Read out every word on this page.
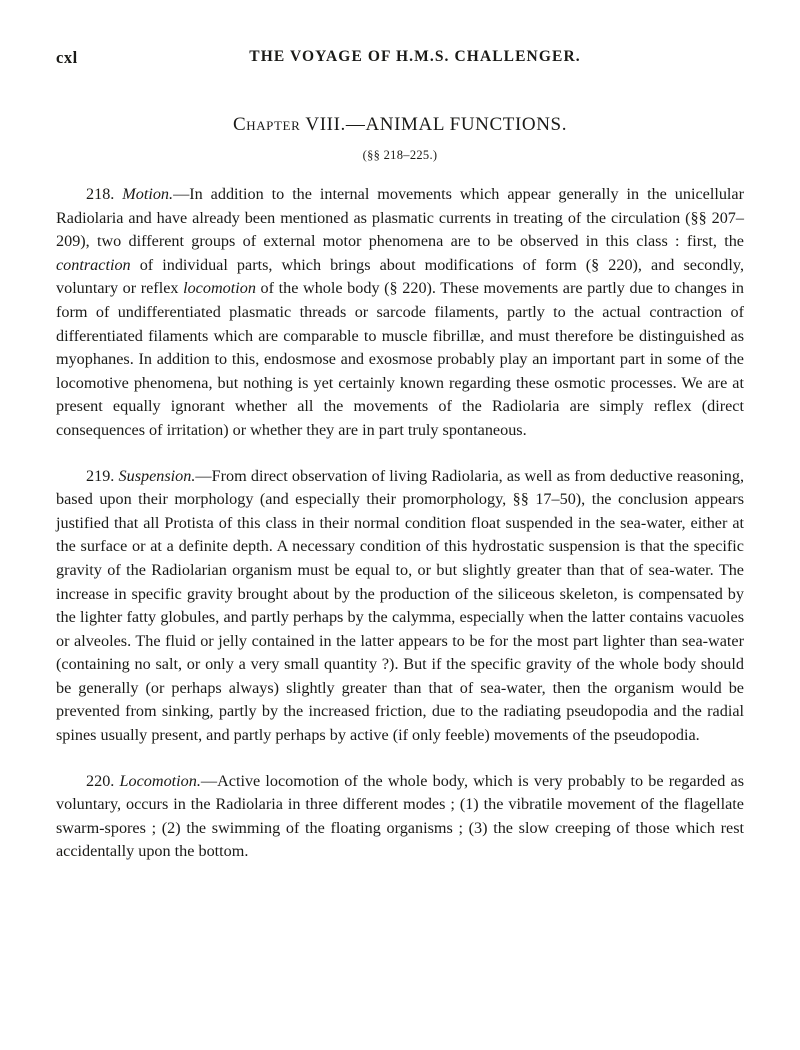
cxl	THE VOYAGE OF H.M.S. CHALLENGER.
Chapter VIII.—ANIMAL FUNCTIONS.
(§§ 218–225.)

218. Motion.—In addition to the internal movements which appear generally in the unicellular Radiolaria and have already been mentioned as plasmatic currents in treating of the circulation (§§ 207–209), two different groups of external motor phenomena are to be observed in this class : first, the contraction of individual parts, which brings about modifications of form (§ 220), and secondly, voluntary or reflex locomotion of the whole body (§ 220). These movements are partly due to changes in form of undifferentiated plasmatic threads or sarcode filaments, partly to the actual contraction of differentiated filaments which are comparable to muscle fibrillæ, and must therefore be distinguished as myophanes. In addition to this, endosmose and exosmose probably play an important part in some of the locomotive phenomena, but nothing is yet certainly known regarding these osmotic processes. We are at present equally ignorant whether all the movements of the Radiolaria are simply reflex (direct consequences of irritation) or whether they are in part truly spontaneous.

219. Suspension.—From direct observation of living Radiolaria, as well as from deductive reasoning, based upon their morphology (and especially their promorphology, §§ 17–50), the conclusion appears justified that all Protista of this class in their normal condition float suspended in the sea-water, either at the surface or at a definite depth. A necessary condition of this hydrostatic suspension is that the specific gravity of the Radiolarian organism must be equal to, or but slightly greater than that of sea-water. The increase in specific gravity brought about by the production of the siliceous skeleton, is compensated by the lighter fatty globules, and partly perhaps by the calymma, especially when the latter contains vacuoles or alveoles. The fluid or jelly contained in the latter appears to be for the most part lighter than sea-water (containing no salt, or only a very small quantity ?). But if the specific gravity of the whole body should be generally (or perhaps always) slightly greater than that of sea-water, then the organism would be prevented from sinking, partly by the increased friction, due to the radiating pseudopodia and the radial spines usually present, and partly perhaps by active (if only feeble) movements of the pseudopodia.

220. Locomotion.—Active locomotion of the whole body, which is very probably to be regarded as voluntary, occurs in the Radiolaria in three different modes ; (1) the vibratile movement of the flagellate swarm-spores ; (2) the swimming of the floating organisms ; (3) the slow creeping of those which rest accidentally upon the bottom.
